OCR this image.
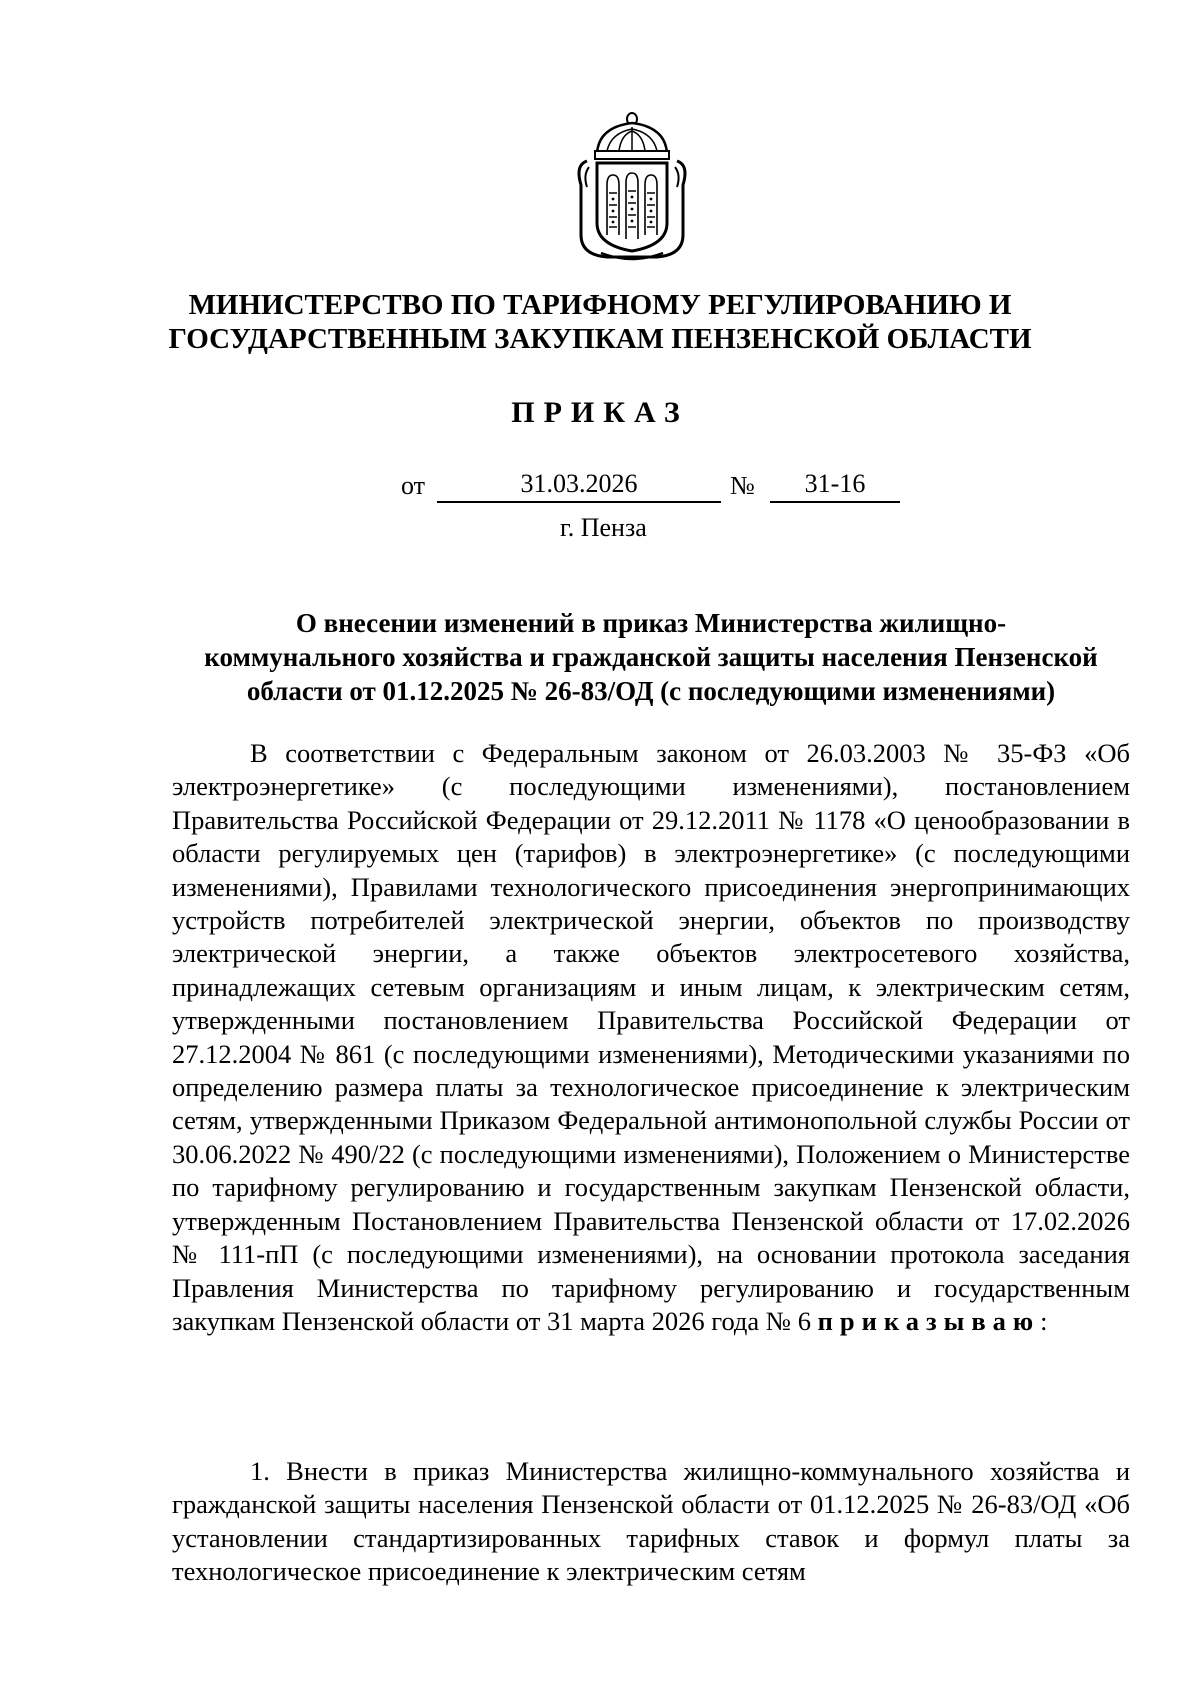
МИНИСТЕРСТВО ПО ТАРИФНОМУ РЕГУЛИРОВАНИЮ И
ГОСУДАРСТВЕННЫМ ЗАКУПКАМ ПЕНЗЕНСКОЙ ОБЛАСТИ
ПРИКАЗ
от	31.03.2026	№	31-16
г. Пенза
О внесении изменений в приказ Министерства жилищно-
коммунального хозяйства и гражданской защиты населения Пензенской
области от 01.12.2025 № 26-83/ОД (с последующими изменениями)
В соответствии с Федеральным законом от 26.03.2003 № 35-ФЗ «Об электроэнергетике» (с последующими изменениями), постановлением Правительства Российской Федерации от 29.12.2011 № 1178 «О ценообразовании в области регулируемых цен (тарифов) в электроэнергетике» (с последующими изменениями), Правилами технологического присоединения энергопринимающих устройств потребителей электрической энергии, объектов по производству электрической энергии, а также объектов электросетевого хозяйства, принадлежащих сетевым организациям и иным лицам, к электрическим сетям, утвержденными постановлением Правительства Российской Федерации от 27.12.2004 № 861 (с последующими изменениями), Методическими указаниями по определению размера платы за технологическое присоединение к электрическим сетям, утвержденными Приказом Федеральной антимонопольной службы России от 30.06.2022 № 490/22 (с последующими изменениями), Положением о Министерстве по тарифному регулированию и государственным закупкам Пензенской области, утвержденным Постановлением Правительства Пензенской области от 17.02.2026 № 111-пП (с последующими изменениями), на основании протокола заседания Правления Министерства по тарифному регулированию и государственным закупкам Пензенской области от 31 марта 2026 года № 6 приказываю:
1. Внести в приказ Министерства жилищно-коммунального хозяйства и гражданской защиты населения Пензенской области от 01.12.2025 № 26-83/ОД «Об установлении стандартизированных тарифных ставок и формул платы за технологическое присоединение к электрическим сетям
